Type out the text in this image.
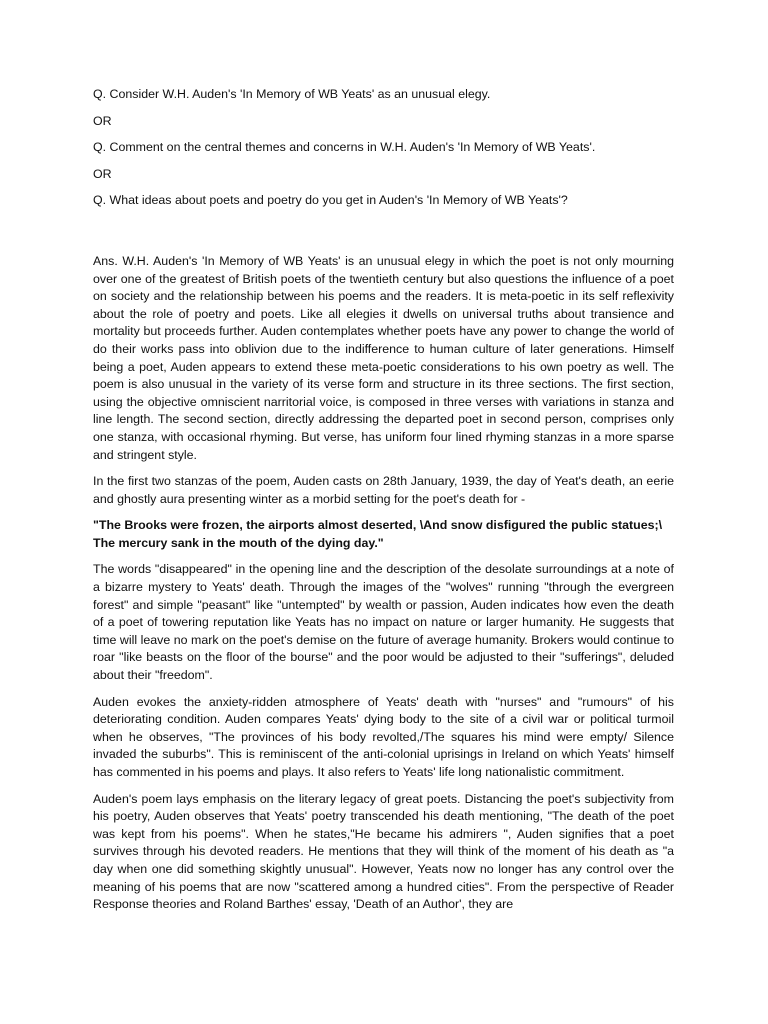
Q. Consider W.H. Auden's 'In Memory of WB Yeats' as an unusual elegy.

OR

Q. Comment on the central themes and concerns in W.H. Auden's 'In Memory of WB Yeats'.

OR

Q. What ideas about poets and poetry do you get in Auden's 'In Memory of WB Yeats'?

Ans. W.H. Auden's 'In Memory of WB Yeats' is an unusual elegy in which the poet is not only mourning over one of the greatest of British poets of the twentieth century but also questions the influence of a poet on society and the relationship between his poems and the readers. It is meta-poetic in its self reflexivity about the role of poetry and poets. Like all elegies it dwells on universal truths about transience and mortality but proceeds further. Auden contemplates whether poets have any power to change the world of do their works pass into oblivion due to the indifference to human culture of later generations. Himself being a poet, Auden appears to extend these meta-poetic considerations to his own poetry as well. The poem is also unusual in the variety of its verse form and structure in its three sections. The first section, using the objective omniscient narritorial voice, is composed in three verses with variations in stanza and line length. The second section, directly addressing the departed poet in second person, comprises only one stanza, with occasional rhyming. But verse, has uniform four lined rhyming stanzas in a more sparse and stringent style.

In the first two stanzas of the poem, Auden casts on 28th January, 1939, the day of Yeat's death, an eerie and ghostly aura presenting winter as a morbid setting for the poet's death for -

"The Brooks were frozen, the airports almost deserted, \And snow disfigured the public statues;\ The mercury sank in the mouth of the dying day."

The words "disappeared" in the opening line and the description of the desolate surroundings at a note of a bizarre mystery to Yeats' death. Through the images of the "wolves" running "through the evergreen forest" and simple "peasant" like "untempted" by wealth or passion, Auden indicates how even the death of a poet of towering reputation like Yeats has no impact on nature or larger humanity. He suggests that time will leave no mark on the poet's demise on the future of average humanity. Brokers would continue to roar "like beasts on the floor of the bourse" and the poor would be adjusted to their "sufferings", deluded about their "freedom".

Auden evokes the anxiety-ridden atmosphere of Yeats' death with "nurses" and "rumours" of his deteriorating condition. Auden compares Yeats' dying body to the site of a civil war or political turmoil when he observes, "The provinces of his body revolted,/The squares his mind were empty/ Silence invaded the suburbs". This is reminiscent of the anti-colonial uprisings in Ireland on which Yeats' himself has commented in his poems and plays. It also refers to Yeats' life long nationalistic commitment.

Auden's poem lays emphasis on the literary legacy of great poets. Distancing the poet's subjectivity from his poetry, Auden observes that Yeats' poetry transcended his death mentioning, "The death of the poet was kept from his poems". When he states,"He became his admirers ", Auden signifies that a poet survives through his devoted readers. He mentions that they will think of the moment of his death as "a day when one did something skightly unusual". However, Yeats now no longer has any control over the meaning of his poems that are now "scattered among a hundred cities". From the perspective of Reader Response theories and Roland Barthes' essay, 'Death of an Author', they are
